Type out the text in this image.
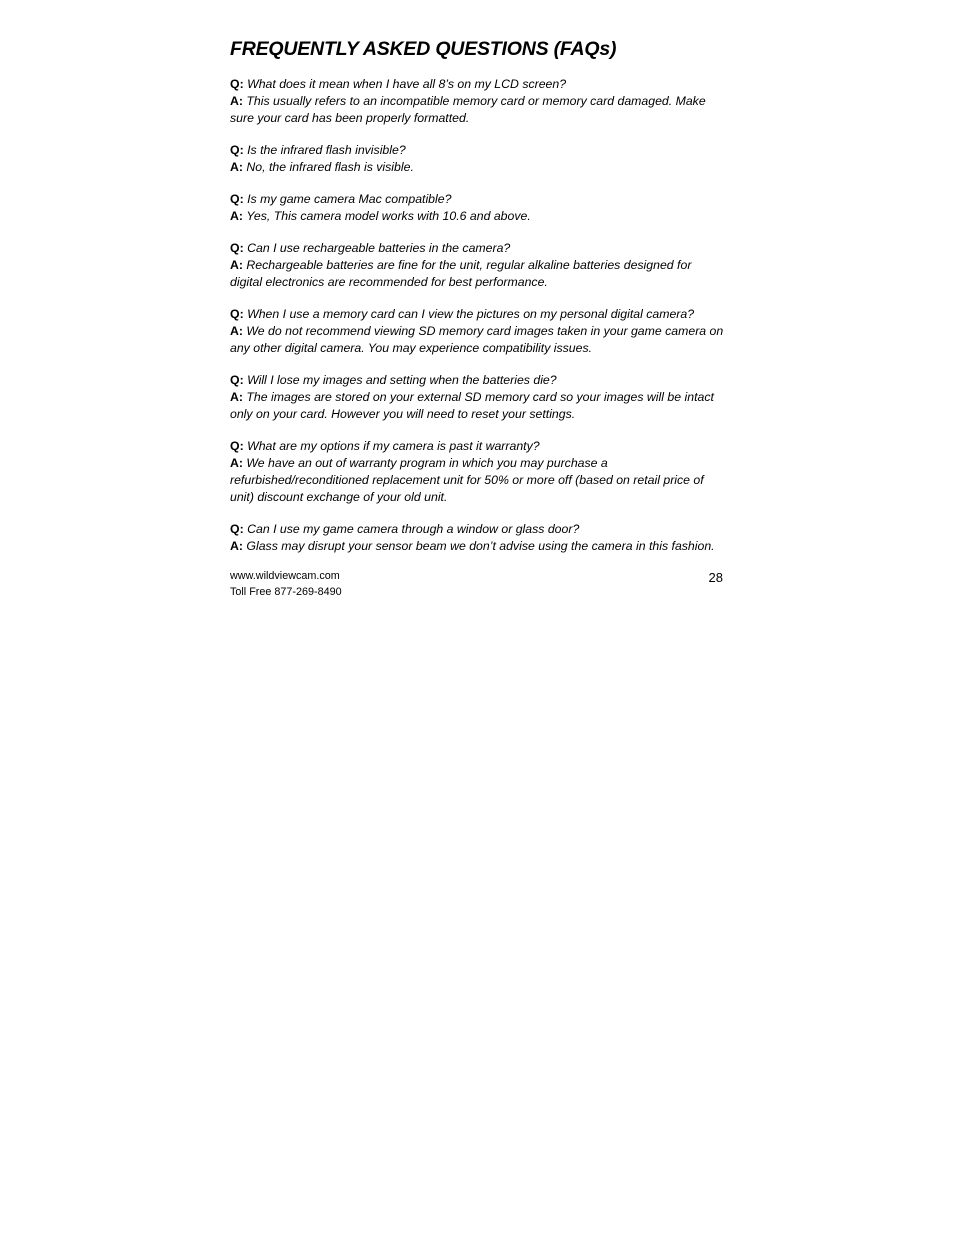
FREQUENTLY ASKED QUESTIONS (FAQs)
Q: What does it mean when I have all 8’s on my LCD screen?
A: This usually refers to an incompatible memory card or memory card damaged. Make sure your card has been properly formatted.
Q: Is the infrared flash invisible?
A: No, the infrared flash is visible.
Q: Is my game camera Mac compatible?
A: Yes, This camera model works with 10.6 and above.
Q: Can I use rechargeable batteries in the camera?
A: Rechargeable batteries are fine for the unit, regular alkaline batteries designed for digital electronics are recommended for best performance.
Q: When I use a memory card can I view the pictures on my personal digital camera?
A: We do not recommend viewing SD memory card images taken in your game camera on any other digital camera. You may experience compatibility issues.
Q: Will I lose my images and setting when the batteries die?
A: The images are stored on your external SD memory card so your images will be intact only on your card. However you will need to reset your settings.
Q: What are my options if my camera is past it warranty?
A: We have an out of warranty program in which you may purchase a refurbished/reconditioned replacement unit for 50% or more off (based on retail price of unit) discount exchange of your old unit.
Q: Can I use my game camera through a window or glass door?
A: Glass may disrupt your sensor beam we don’t advise using the camera in this fashion.
www.wildviewcam.com
Toll Free 877-269-8490
28
